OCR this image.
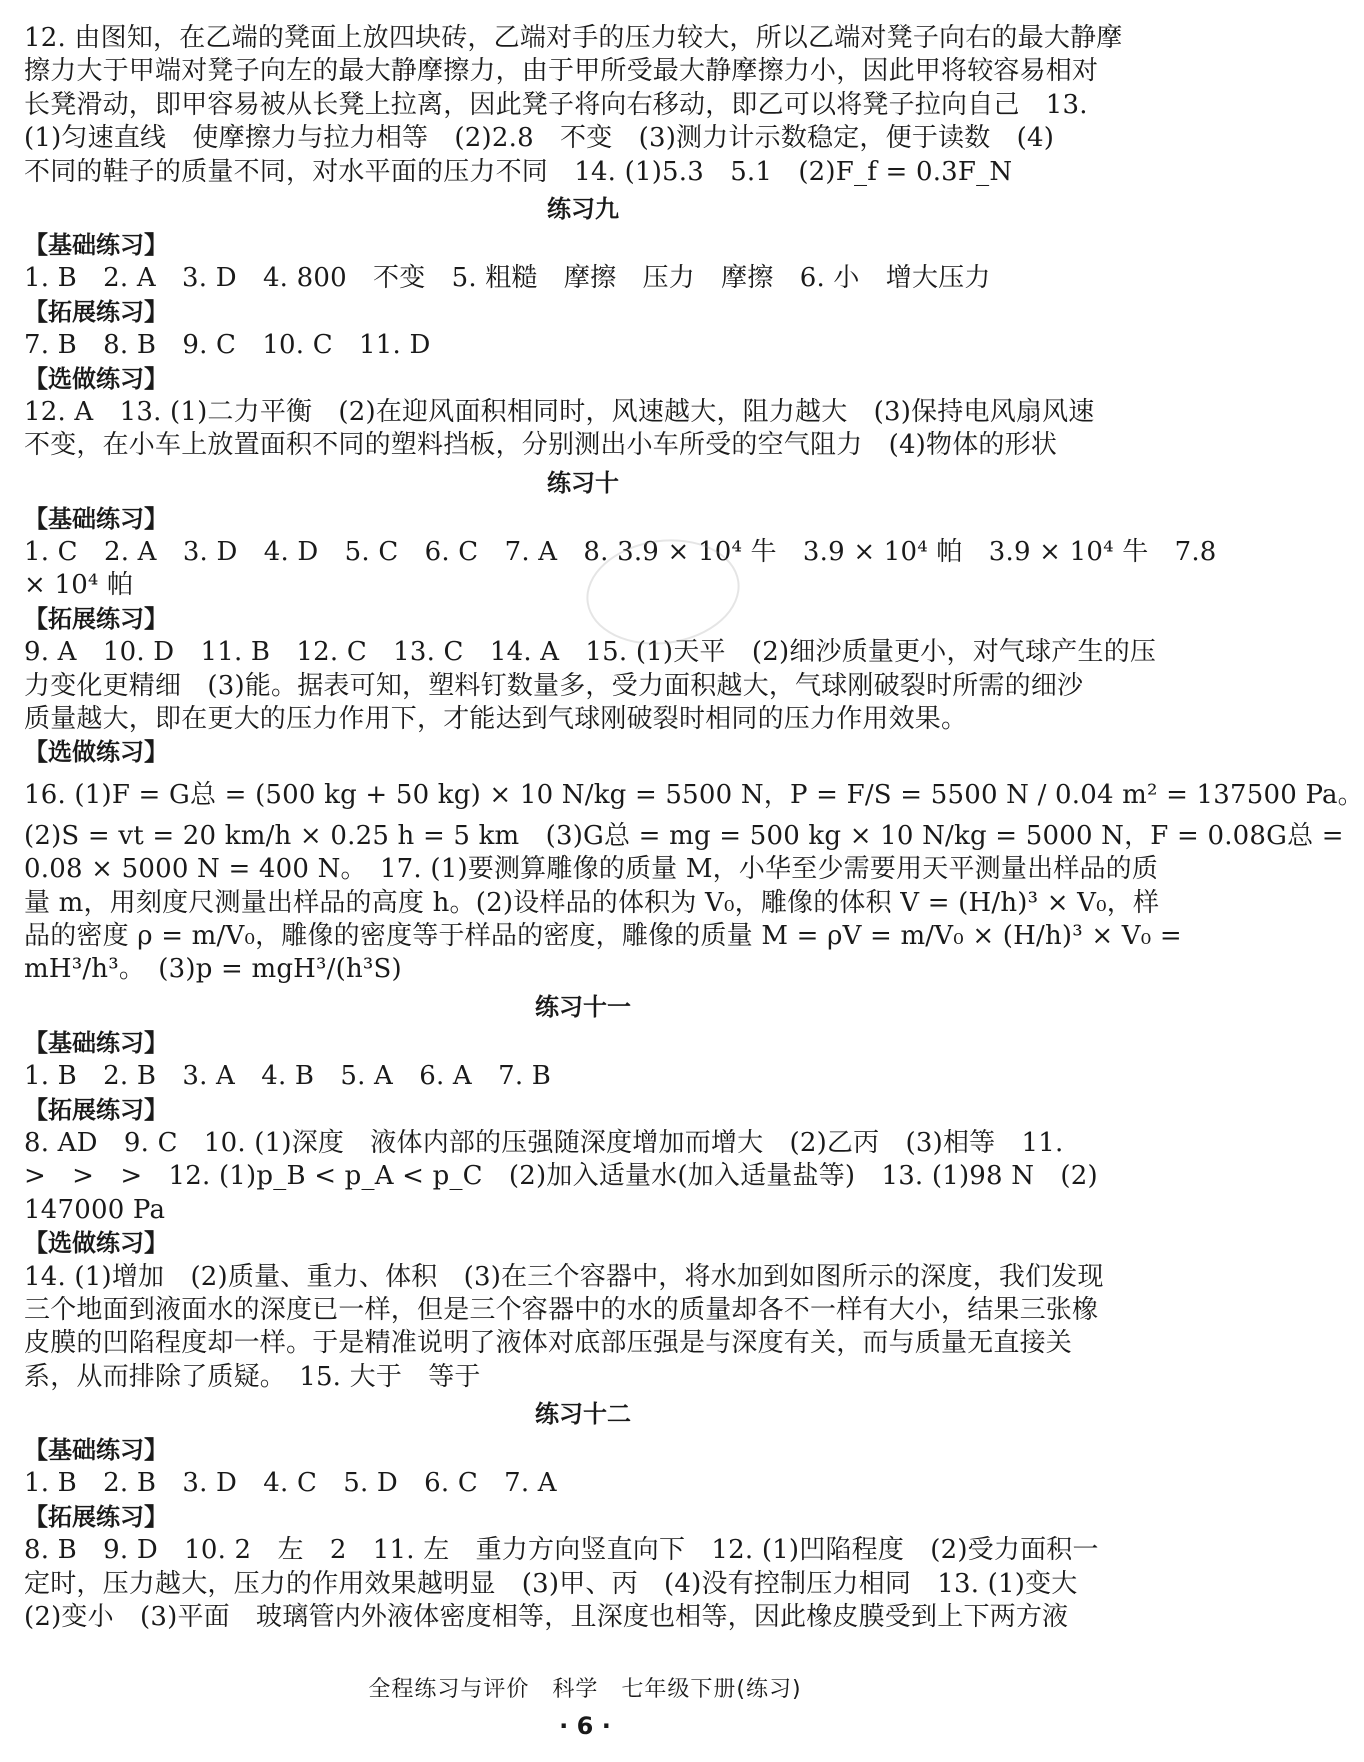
12. 由图知，在乙端的凳面上放四块砖，乙端对手的压力较大，所以乙端对凳子向右的最大静摩
擦力大于甲端对凳子向左的最大静摩擦力，由于甲所受最大静摩擦力小，因此甲将较容易相对
长凳滑动，即甲容易被从长凳上拉离，因此凳子将向右移动，即乙可以将凳子拉向自己　13.
(1)匀速直线　使摩擦力与拉力相等　(2)2.8　不变　(3)测力计示数稳定，便于读数　(4)
不同的鞋子的质量不同，对水平面的压力不同　14. (1)5.3　5.1　(2)F_f = 0.3F_N
练习九
【基础练习】
1. B　2. A　3. D　4. 800　不变　5. 粗糙　摩擦　压力　摩擦　6. 小　增大压力
【拓展练习】
7. B　8. B　9. C　10. C　11. D
【选做练习】
12. A　13. (1)二力平衡　(2)在迎风面积相同时，风速越大，阻力越大　(3)保持电风扇风速
不变，在小车上放置面积不同的塑料挡板，分别测出小车所受的空气阻力　(4)物体的形状
练习十
【基础练习】
1. C　2. A　3. D　4. D　5. C　6. C　7. A　8. 3.9 × 10⁴ 牛　3.9 × 10⁴ 帕　3.9 × 10⁴ 牛　7.8
× 10⁴ 帕
【拓展练习】
9. A　10. D　11. B　12. C　13. C　14. A　15. (1)天平　(2)细沙质量更小，对气球产生的压
力变化更精细　(3)能。据表可知，塑料钉数量多，受力面积越大，气球刚破裂时所需的细沙
质量越大，即在更大的压力作用下，才能达到气球刚破裂时相同的压力作用效果。
【选做练习】
16. (1)F = G总 = (500 kg + 50 kg) × 10 N/kg = 5500 N，P = F/S = 5500 N / 0.04 m² = 137500 Pa。
(2)S = vt = 20 km/h × 0.25 h = 5 km　(3)G总 = mg = 500 kg × 10 N/kg = 5000 N，F = 0.08G总 =
0.08 × 5000 N = 400 N。　17. (1)要测算雕像的质量 M，小华至少需要用天平测量出样品的质
量 m，用刻度尺测量出样品的高度 h。(2)设样品的体积为 V₀，雕像的体积 V = (H/h)³ × V₀，样
品的密度 ρ = m/V₀，雕像的密度等于样品的密度，雕像的质量 M = ρV = m/V₀ × (H/h)³ × V₀ =
mH³/h³。　(3)p = mgH³/(h³S)
练习十一
【基础练习】
1. B　2. B　3. A　4. B　5. A　6. A　7. B
【拓展练习】
8. AD　9. C　10. (1)深度　液体内部的压强随深度增加而增大　(2)乙丙　(3)相等　11.
>　>　>　12. (1)p_B < p_A < p_C　(2)加入适量水(加入适量盐等)　13. (1)98 N　(2)
147000 Pa
【选做练习】
14. (1)增加　(2)质量、重力、体积　(3)在三个容器中，将水加到如图所示的深度，我们发现
三个地面到液面水的深度已一样，但是三个容器中的水的质量却各不一样有大小，结果三张橡
皮膜的凹陷程度却一样。于是精准说明了液体对底部压强是与深度有关，而与质量无直接关
系，从而排除了质疑。　15. 大于　等于
练习十二
【基础练习】
1. B　2. B　3. D　4. C　5. D　6. C　7. A
【拓展练习】
8. B　9. D　10. 2　左　2　11. 左　重力方向竖直向下　12. (1)凹陷程度　(2)受力面积一
定时，压力越大，压力的作用效果越明显　(3)甲、丙　(4)没有控制压力相同　13. (1)变大
(2)变小　(3)平面　玻璃管内外液体密度相等，且深度也相等，因此橡皮膜受到上下两方液
全程练习与评价　科学　七年级下册(练习)
· 6 ·
